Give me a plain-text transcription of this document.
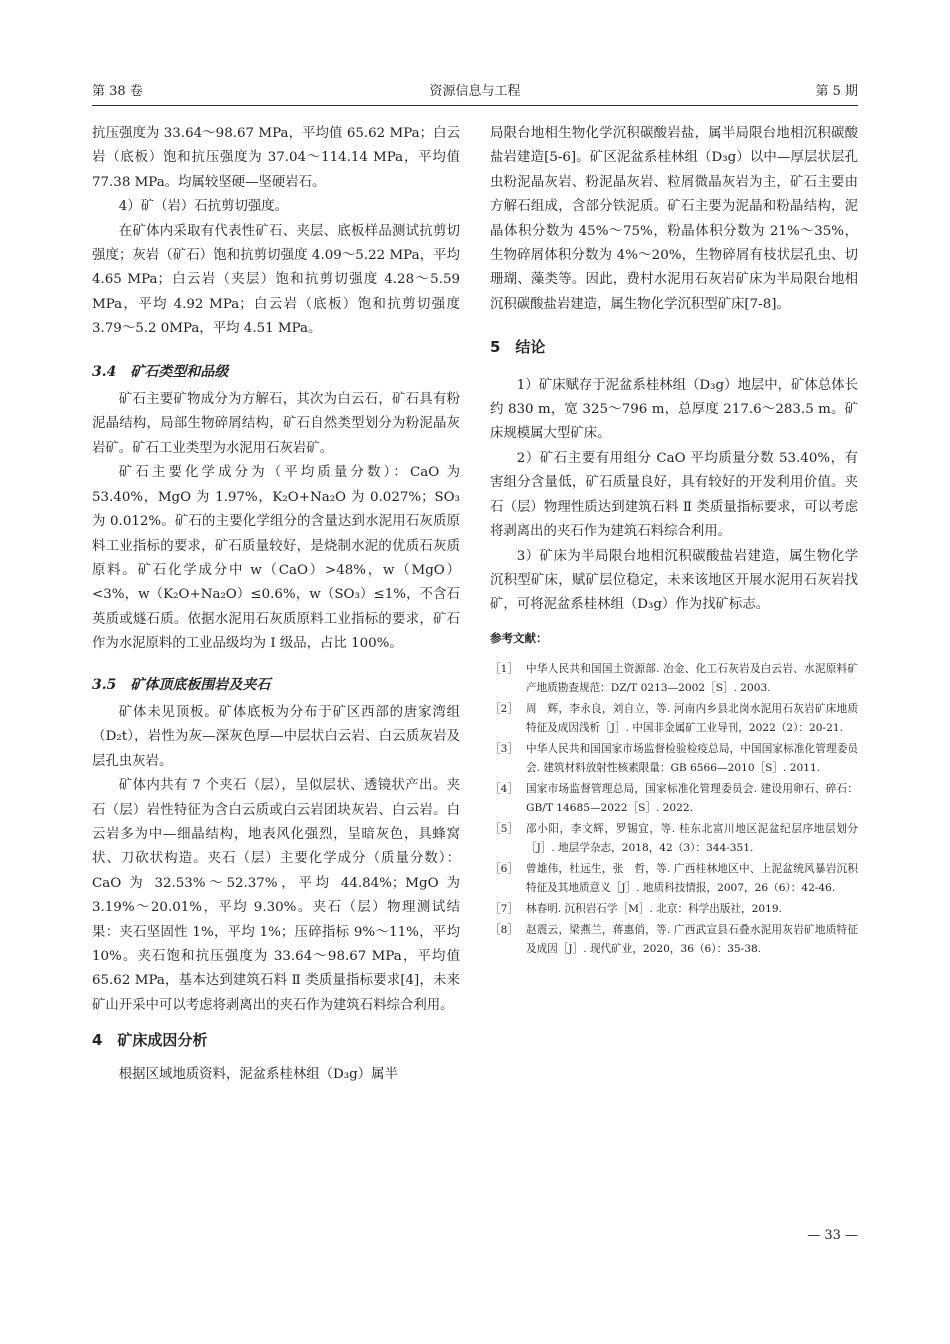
第 38 卷	资源信息与工程	第 5 期

抗压强度为 33.64～98.67 MPa，平均值 65.62 MPa；白云岩（底板）饱和抗压强度为 37.04～114.14 MPa，平均值 77.38 MPa。均属较坚硬—坚硬岩石。

4）矿（岩）石抗剪切强度。

在矿体内采取有代表性矿石、夹层、底板样品测试抗剪切强度；灰岩（矿石）饱和抗剪切强度 4.09～5.22 MPa，平均 4.65 MPa；白云岩（夹层）饱和抗剪切强度 4.28～5.59 MPa，平均 4.92 MPa；白云岩（底板）饱和抗剪切强度 3.79～5.2 0MPa，平均 4.51 MPa。

3.4　矿石类型和品级

矿石主要矿物成分为方解石，其次为白云石，矿石具有粉泥晶结构，局部生物碎屑结构，矿石自然类型划分为粉泥晶灰岩矿。矿石工业类型为水泥用石灰岩矿。

矿石主要化学成分为（平均质量分数）：CaO 为 53.40%，MgO 为 1.97%，K₂O+Na₂O 为 0.027%；SO₃ 为 0.012%。矿石的主要化学组分的含量达到水泥用石灰质原料工业指标的要求，矿石质量较好，是烧制水泥的优质石灰质原料。矿石化学成分中 w（CaO）>48%，w（MgO）<3%，w（K₂O+Na₂O）≤0.6%，w（SO₃）≤1%，不含石英质或燧石质。依据水泥用石灰质原料工业指标的要求，矿石作为水泥原料的工业品级均为 Ⅰ 级品，占比 100%。

3.5　矿体顶底板围岩及夹石

矿体未见顶板。矿体底板为分布于矿区西部的唐家湾组（D₂t），岩性为灰—深灰色厚—中层状白云岩、白云质灰岩及层孔虫灰岩。

矿体内共有 7 个夹石（层），呈似层状、透镜状产出。夹石（层）岩性特征为含白云质或白云岩团块灰岩、白云岩。白云岩多为中—细晶结构，地表风化强烈，呈暗灰色，具蜂窝状、刀砍状构造。夹石（层）主要化学成分（质量分数）：CaO 为 32.53%～52.37%，平均 44.84%；MgO 为 3.19%～20.01%，平均 9.30%。夹石（层）物理测试结果：夹石坚固性 1%，平均 1%；压碎指标 9%～11%，平均 10%。夹石饱和抗压强度为 33.64～98.67 MPa，平均值 65.62 MPa，基本达到建筑石料 Ⅱ 类质量指标要求[4]，未来矿山开采中可以考虑将剥离出的夹石作为建筑石料综合利用。

4　矿床成因分析

根据区域地质资料，泥盆系桂林组（D₃g）属半

局限台地相生物化学沉积碳酸岩盐，属半局限台地相沉积碳酸盐岩建造[5-6]。矿区泥盆系桂林组（D₃g）以中—厚层状层孔虫粉泥晶灰岩、粉泥晶灰岩、粒屑微晶灰岩为主，矿石主要由方解石组成，含部分铁泥质。矿石主要为泥晶和粉晶结构，泥晶体积分数为 45%～75%，粉晶体积分数为 21%～35%，生物碎屑体积分数为 4%～20%，生物碎屑有枝状层孔虫、切珊瑚、藻类等。因此，费村水泥用石灰岩矿床为半局限台地相沉积碳酸盐岩建造，属生物化学沉积型矿床[7-8]。

5　结论

1）矿床赋存于泥盆系桂林组（D₃g）地层中，矿体总体长约 830 m，宽 325～796 m，总厚度 217.6～283.5 m。矿床规模属大型矿床。

2）矿石主要有用组分 CaO 平均质量分数 53.40%，有害组分含量低，矿石质量良好，具有较好的开发利用价值。夹石（层）物理性质达到建筑石料 Ⅱ 类质量指标要求，可以考虑将剥离出的夹石作为建筑石料综合利用。

3）矿床为半局限台地相沉积碳酸盐岩建造，属生物化学沉积型矿床，赋矿层位稳定，未来该地区开展水泥用石灰岩找矿，可将泥盆系桂林组（D₃g）作为找矿标志。

参考文献：
［1］ 中华人民共和国国土资源部. 冶金、化工石灰岩及白云岩、水泥原料矿产地质勘查规范：DZ/T 0213—2002［S］. 2003.
［2］ 周　辉，李永良，刘自立，等. 河南内乡县北岗水泥用石灰岩矿床地质特征及成因浅析［J］. 中国非金属矿工业导刊，2022（2）：20-21.
［3］ 中华人民共和国国家市场监督检验检疫总局，中国国家标准化管理委员会. 建筑材料放射性核素限量：GB 6566—2010［S］. 2011.
［4］ 国家市场监督管理总局，国家标准化管理委员会. 建设用卵石、碎石：GB/T 14685—2022［S］. 2022.
［5］ 邵小阳，李文辉，罗锡宜，等. 桂东北富川地区泥盆纪层序地层划分［J］. 地层学杂志，2018，42（3）：344-351.
［6］ 曾雄伟，杜远生，张　哲，等. 广西桂林地区中、上泥盆统风暴岩沉积特征及其地质意义［J］. 地质科技情报，2007，26（6）：42-46.
［7］ 林春明. 沉积岩石学［M］. 北京：科学出版社，2019.
［8］ 赵震云，梁燕兰，蒋惠俏，等. 广西武宣县石叠水泥用灰岩矿地质特征及成因［J］. 现代矿业，2020，36（6）：35-38.
— 33 —
